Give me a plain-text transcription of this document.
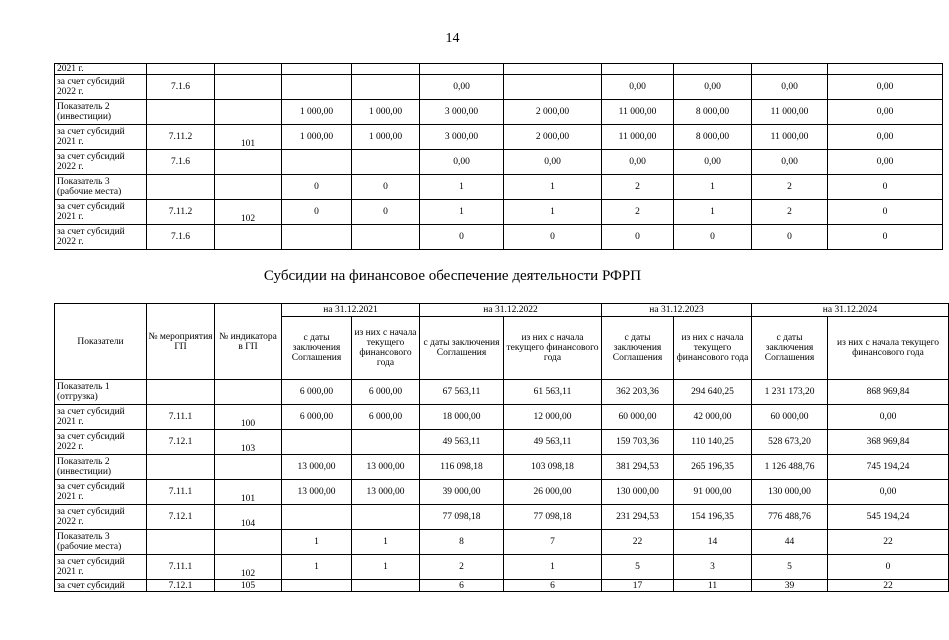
14
2021 г.										
за счет субсидий 2022 г.	7.1.6				0,00		0,00	0,00	0,00	0,00
Показатель 2 (инвестиции)			1 000,00	1 000,00	3 000,00	2 000,00	11 000,00	8 000,00	11 000,00	0,00
за счет субсидий 2021 г.	7.11.2	101	1 000,00	1 000,00	3 000,00	2 000,00	11 000,00	8 000,00	11 000,00	0,00
за счет субсидий 2022 г.	7.1.6				0,00	0,00	0,00	0,00	0,00	0,00
Показатель 3 (рабочие места)			0	0	1	1	2	1	2	0
за счет субсидий 2021 г.	7.11.2	102	0	0	1	1	2	1	2	0
за счет субсидий 2022 г.	7.1.6				0	0	0	0	0	0
Субсидии на финансовое обеспечение деятельности РФРП
Показатели	№ мероприятия ГП	№ индикатора в ГП	на 31.12.2021		на 31.12.2022		на 31.12.2023		на 31.12.2024	
			с даты заключения Соглашения	из них с начала текущего финансового года	с даты заключения Соглашения	из них с начала текущего финансового года	с даты заключения Соглашения	из них с начала текущего финансового года	с даты заключения Соглашения	из них с начала текущего финансового года
Показатель 1 (отгрузка)			6 000,00	6 000,00	67 563,11	61 563,11	362 203,36	294 640,25	1 231 173,20	868 969,84
за счет субсидий 2021 г.	7.11.1	100	6 000,00	6 000,00	18 000,00	12 000,00	60 000,00	42 000,00	60 000,00	0,00
за счет субсидий 2022 г.	7.12.1	103			49 563,11	49 563,11	159 703,36	110 140,25	528 673,20	368 969,84
Показатель 2 (инвестиции)			13 000,00	13 000,00	116 098,18	103 098,18	381 294,53	265 196,35	1 126 488,76	745 194,24
за счет субсидий 2021 г.	7.11.1	101	13 000,00	13 000,00	39 000,00	26 000,00	130 000,00	91 000,00	130 000,00	0,00
за счет субсидий 2022 г.	7.12.1	104			77 098,18	77 098,18	231 294,53	154 196,35	776 488,76	545 194,24
Показатель 3 (рабочие места)			1	1	8	7	22	14	44	22
за счет субсидий 2021 г.	7.11.1	102	1	1	2	1	5	3	5	0
за счет субсидий	7.12.1	105			6	6	17	11	39	22
